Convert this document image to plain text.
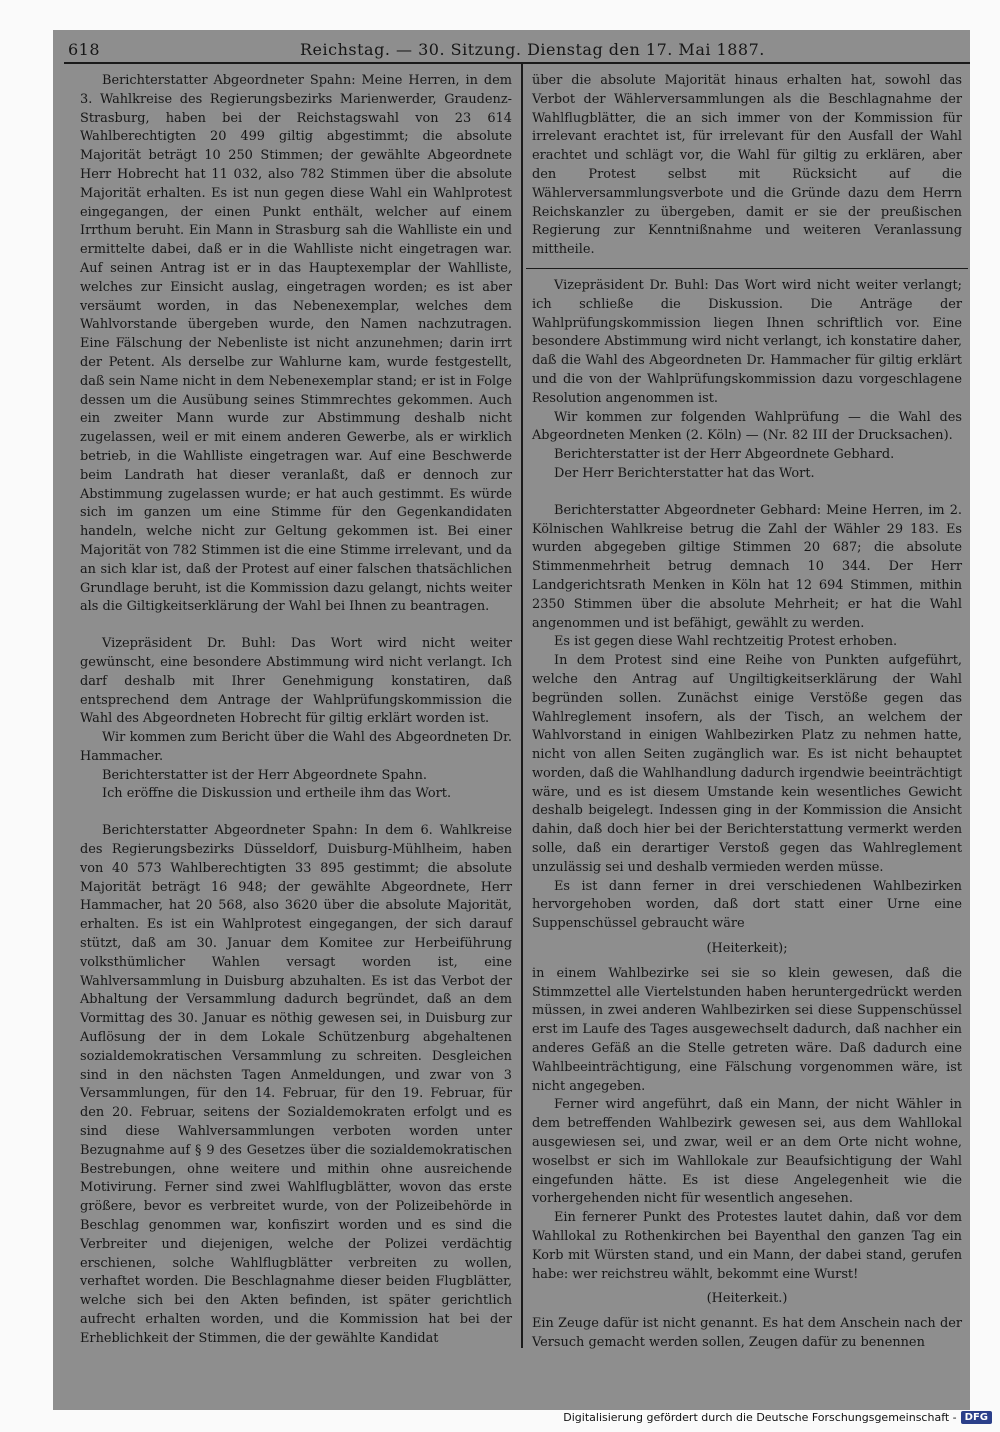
618	Reichstag. — 30. Sitzung. Dienstag den 17. Mai 1887.

Berichterstatter Abgeordneter Spahn: Meine Herren, in dem 3. Wahlkreise des Regierungsbezirks Marienwerder, Graudenz-Strasburg, haben bei der Reichstagswahl von 23 614 Wahlberechtigten 20 499 giltig abgestimmt; die absolute Majorität beträgt 10 250 Stimmen; der gewählte Abgeordnete Herr Hobrecht hat 11 032, also 782 Stimmen über die absolute Majorität erhalten. Es ist nun gegen diese Wahl ein Wahlprotest eingegangen, der einen Punkt enthält, welcher auf einem Irrthum beruht. Ein Mann in Strasburg sah die Wahlliste ein und ermittelte dabei, daß er in die Wahlliste nicht eingetragen war. Auf seinen Antrag ist er in das Hauptexemplar der Wahlliste, welches zur Einsicht auslag, eingetragen worden; es ist aber versäumt worden, in das Nebenexemplar, welches dem Wahlvorstande übergeben wurde, den Namen nachzutragen. Eine Fälschung der Nebenliste ist nicht anzunehmen; darin irrt der Petent. Als derselbe zur Wahlurne kam, wurde festgestellt, daß sein Name nicht in dem Nebenexemplar stand; er ist in Folge dessen um die Ausübung seines Stimmrechtes gekommen. Auch ein zweiter Mann wurde zur Abstimmung deshalb nicht zugelassen, weil er mit einem anderen Gewerbe, als er wirklich betrieb, in die Wahlliste eingetragen war. Auf eine Beschwerde beim Landrath hat dieser veranlaßt, daß er dennoch zur Abstimmung zugelassen wurde; er hat auch gestimmt. Es würde sich im ganzen um eine Stimme für den Gegenkandidaten handeln, welche nicht zur Geltung gekommen ist. Bei einer Majorität von 782 Stimmen ist die eine Stimme irrelevant, und da an sich klar ist, daß der Protest auf einer falschen thatsächlichen Grundlage beruht, ist die Kommission dazu gelangt, nichts weiter als die Giltigkeitserklärung der Wahl bei Ihnen zu beantragen.

Vizepräsident Dr. Buhl: Das Wort wird nicht weiter gewünscht, eine besondere Abstimmung wird nicht verlangt. Ich darf deshalb mit Ihrer Genehmigung konstatiren, daß entsprechend dem Antrage der Wahlprüfungskommission die Wahl des Abgeordneten Hobrecht für giltig erklärt worden ist.

Wir kommen zum Bericht über die Wahl des Abgeordneten Dr. Hammacher.

Berichterstatter ist der Herr Abgeordnete Spahn.

Ich eröffne die Diskussion und ertheile ihm das Wort.

Berichterstatter Abgeordneter Spahn: In dem 6. Wahlkreise des Regierungsbezirks Düsseldorf, Duisburg-Mühlheim, haben von 40 573 Wahlberechtigten 33 895 gestimmt; die absolute Majorität beträgt 16 948; der gewählte Abgeordnete, Herr Hammacher, hat 20 568, also 3620 über die absolute Majorität, erhalten. Es ist ein Wahlprotest eingegangen, der sich darauf stützt, daß am 30. Januar dem Komitee zur Herbeiführung volksthümlicher Wahlen versagt worden ist, eine Wahlversammlung in Duisburg abzuhalten. Es ist das Verbot der Abhaltung der Versammlung dadurch begründet, daß an dem Vormittag des 30. Januar es nöthig gewesen sei, in Duisburg zur Auflösung der in dem Lokale Schützenburg abgehaltenen sozialdemokratischen Versammlung zu schreiten. Desgleichen sind in den nächsten Tagen Anmeldungen, und zwar von 3 Versammlungen, für den 14. Februar, für den 19. Februar, für den 20. Februar, seitens der Sozialdemokraten erfolgt und es sind diese Wahlversammlungen verboten worden unter Bezugnahme auf § 9 des Gesetzes über die sozialdemokratischen Bestrebungen, ohne weitere und mithin ohne ausreichende Motivirung. Ferner sind zwei Wahlflugblätter, wovon das erste größere, bevor es verbreitet wurde, von der Polizeibehörde in Beschlag genommen war, konfiszirt worden und es sind die Verbreiter und diejenigen, welche der Polizei verdächtig erschienen, solche Wahlflugblätter verbreiten zu wollen, verhaftet worden. Die Beschlagnahme dieser beiden Flugblätter, welche sich bei den Akten befinden, ist später gerichtlich aufrecht erhalten worden, und die Kommission hat bei der Erheblichkeit der Stimmen, die der gewählte Kandidat

über die absolute Majorität hinaus erhalten hat, sowohl das Verbot der Wählerversammlungen als die Beschlagnahme der Wahlflugblätter, die an sich immer von der Kommission für irrelevant erachtet ist, für irrelevant für den Ausfall der Wahl erachtet und schlägt vor, die Wahl für giltig zu erklären, aber den Protest selbst mit Rücksicht auf die Wählerversammlungsverbote und die Gründe dazu dem Herrn Reichskanzler zu übergeben, damit er sie der preußischen Regierung zur Kenntnißnahme und weiteren Veranlassung mittheile.

Vizepräsident Dr. Buhl: Das Wort wird nicht weiter verlangt; ich schließe die Diskussion. Die Anträge der Wahlprüfungskommission liegen Ihnen schriftlich vor. Eine besondere Abstimmung wird nicht verlangt, ich konstatire daher, daß die Wahl des Abgeordneten Dr. Hammacher für giltig erklärt und die von der Wahlprüfungskommission dazu vorgeschlagene Resolution angenommen ist.

Wir kommen zur folgenden Wahlprüfung — die Wahl des Abgeordneten Menken (2. Köln) — (Nr. 82 III der Drucksachen).

Berichterstatter ist der Herr Abgeordnete Gebhard.

Der Herr Berichterstatter hat das Wort.

Berichterstatter Abgeordneter Gebhard: Meine Herren, im 2. Kölnischen Wahlkreise betrug die Zahl der Wähler 29 183. Es wurden abgegeben giltige Stimmen 20 687; die absolute Stimmenmehrheit betrug demnach 10 344. Der Herr Landgerichtsrath Menken in Köln hat 12 694 Stimmen, mithin 2350 Stimmen über die absolute Mehrheit; er hat die Wahl angenommen und ist befähigt, gewählt zu werden.

Es ist gegen diese Wahl rechtzeitig Protest erhoben.

In dem Protest sind eine Reihe von Punkten aufgeführt, welche den Antrag auf Ungiltigkeitserklärung der Wahl begründen sollen. Zunächst einige Verstöße gegen das Wahlreglement insofern, als der Tisch, an welchem der Wahlvorstand in einigen Wahlbezirken Platz zu nehmen hatte, nicht von allen Seiten zugänglich war. Es ist nicht behauptet worden, daß die Wahlhandlung dadurch irgendwie beeinträchtigt wäre, und es ist diesem Umstande kein wesentliches Gewicht deshalb beigelegt. Indessen ging in der Kommission die Ansicht dahin, daß doch hier bei der Berichterstattung vermerkt werden solle, daß ein derartiger Verstoß gegen das Wahlreglement unzulässig sei und deshalb vermieden werden müsse.

Es ist dann ferner in drei verschiedenen Wahlbezirken hervorgehoben worden, daß dort statt einer Urne eine Suppenschüssel gebraucht wäre

(Heiterkeit);

in einem Wahlbezirke sei sie so klein gewesen, daß die Stimmzettel alle Viertelstunden haben heruntergedrückt werden müssen, in zwei anderen Wahlbezirken sei diese Suppenschüssel erst im Laufe des Tages ausgewechselt dadurch, daß nachher ein anderes Gefäß an die Stelle getreten wäre. Daß dadurch eine Wahlbeeinträchtigung, eine Fälschung vorgenommen wäre, ist nicht angegeben.

Ferner wird angeführt, daß ein Mann, der nicht Wähler in dem betreffenden Wahlbezirk gewesen sei, aus dem Wahllokal ausgewiesen sei, und zwar, weil er an dem Orte nicht wohne, woselbst er sich im Wahllokale zur Beaufsichtigung der Wahl eingefunden hätte. Es ist diese Angelegenheit wie die vorhergehenden nicht für wesentlich angesehen.

Ein fernerer Punkt des Protestes lautet dahin, daß vor dem Wahllokal zu Rothenkirchen bei Bayenthal den ganzen Tag ein Korb mit Würsten stand, und ein Mann, der dabei stand, gerufen habe: wer reichstreu wählt, bekommt eine Wurst!

(Heiterkeit.)

Ein Zeuge dafür ist nicht genannt. Es hat dem Anschein nach der Versuch gemacht werden sollen, Zeugen dafür zu benennen

Digitalisierung gefördert durch die Deutsche Forschungsgemeinschaft - DFG
